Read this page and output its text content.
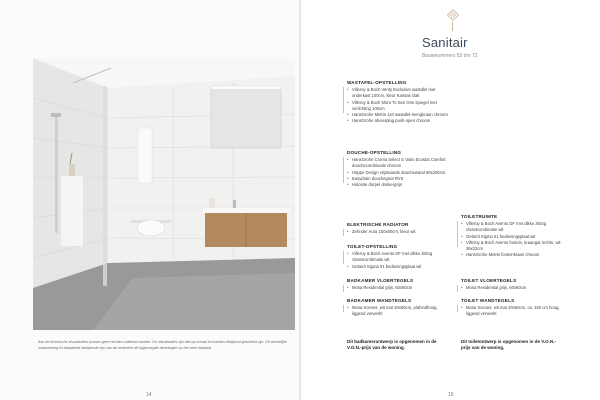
Aan de technische visualisaties kunnen geen rechten ontleend worden. De visualisaties zijn niet op schaal en kunnen afwijkend geschetst zijn. De werkelijke maatvoering en bepalende afwijkende zijn van de verkochte de bijgevoegde afmetingen op het werk bepaald.
14
Sanitair
Bouwnummers 53 t/m 72
WASTAFEL-OPSTELLING
• Villeroy & Boch Verity Exclusive wastafel met onderkast 100cm, kleur Kansas Oak
• Villeroy & Boch More To See One spiegel met verlichting 100cm
• HansGrohe Metris 110 wastafel-mengkraan chroom
• HansGrohe afvoerplug push-open chroom
DOUCHE-OPSTELLING
• HansGrohe Croma Select S Vario Ecostat Comfort douchecombinatie chroom
• Hüppe Design vrijstaande douchewand 90x200cm
• Easydrain douchegoot RVS
• Holonite dorpel donkergrijs
ELEKTRISCHE RADIATOR
• Zehnder Aura 150x60cm, kleur wit
TOILET-OPSTELLING
• Villeroy & Boch Avento DF met dikke zitting closetcombinatie wit
• Geberit Sigma 01 bedieningsplaat wit
BADKAMER VLOERTEGELS
• Mosa Residential grijs, 60x60cm
BADKAMER WANDTEGELS
• Mosa Scenes, wit mat 30x60cm, plafondhoog, liggend verwerkt
Dit badkamerontwerp is opgenomen in de V.O.N.-prijs van de woning.
TOILETRUIMTE
• Villeroy & Boch Avento DF met dikke zitting closetcombinatie wit
• Geberit Sigma 01 bedieningsplaat wit
• Villeroy & Boch Avento fontein, kraangat rechts, wit 36x22cm
• HansGrohe Metris fonteinkraan chroom
TOILET VLOERTEGELS
• Mosa Residential grijs, 60x60cm
TOILET WANDTEGELS
• Mosa Scenes, wit mat 30x60cm, ca. 150 cm hoog, liggend verwerkt
Dit toiletontwerp is opgenomen in de V.O.N.-prijs van de woning.
15
